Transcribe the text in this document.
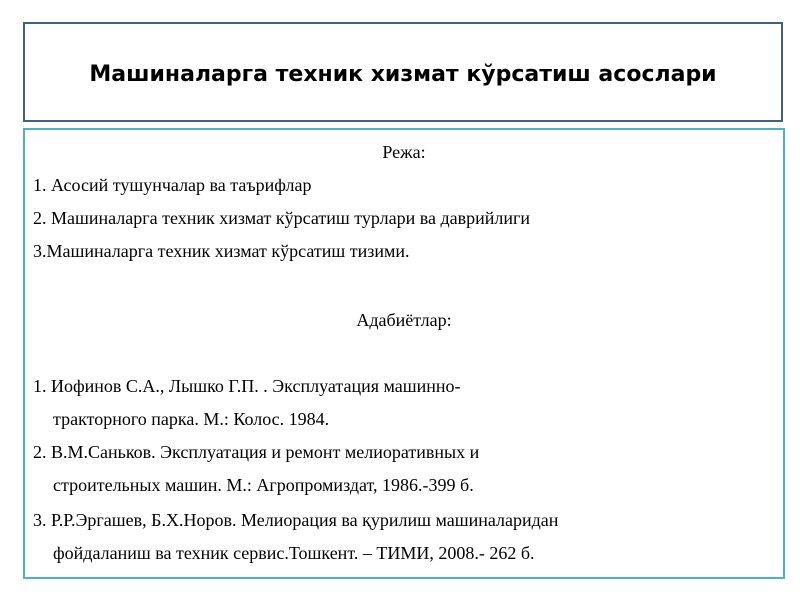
Машиналарга техник хизмат кўрсатиш асослари
Режа:
1. Асосий тушунчалар ва таърифлар
2. Машиналарга техник хизмат кўрсатиш турлари ва даврийлиги
3.Машиналарга техник хизмат кўрсатиш тизими.
Адабиётлар:
1. Иофинов С.А., Лышко Г.П. . Эксплуатация машинно-
тракторного парка. М.: Колос. 1984.
2. В.М.Саньков. Эксплуатация и ремонт мелиоративных и
строительных машин. М.: Агропромиздат, 1986.-399 б.
3. Р.Р.Эргашев, Б.Х.Норов. Мелиорация ва қурилиш машиналаридан
фойдаланиш ва техник сервис.Тошкент. – ТИМИ, 2008.- 262 б.
